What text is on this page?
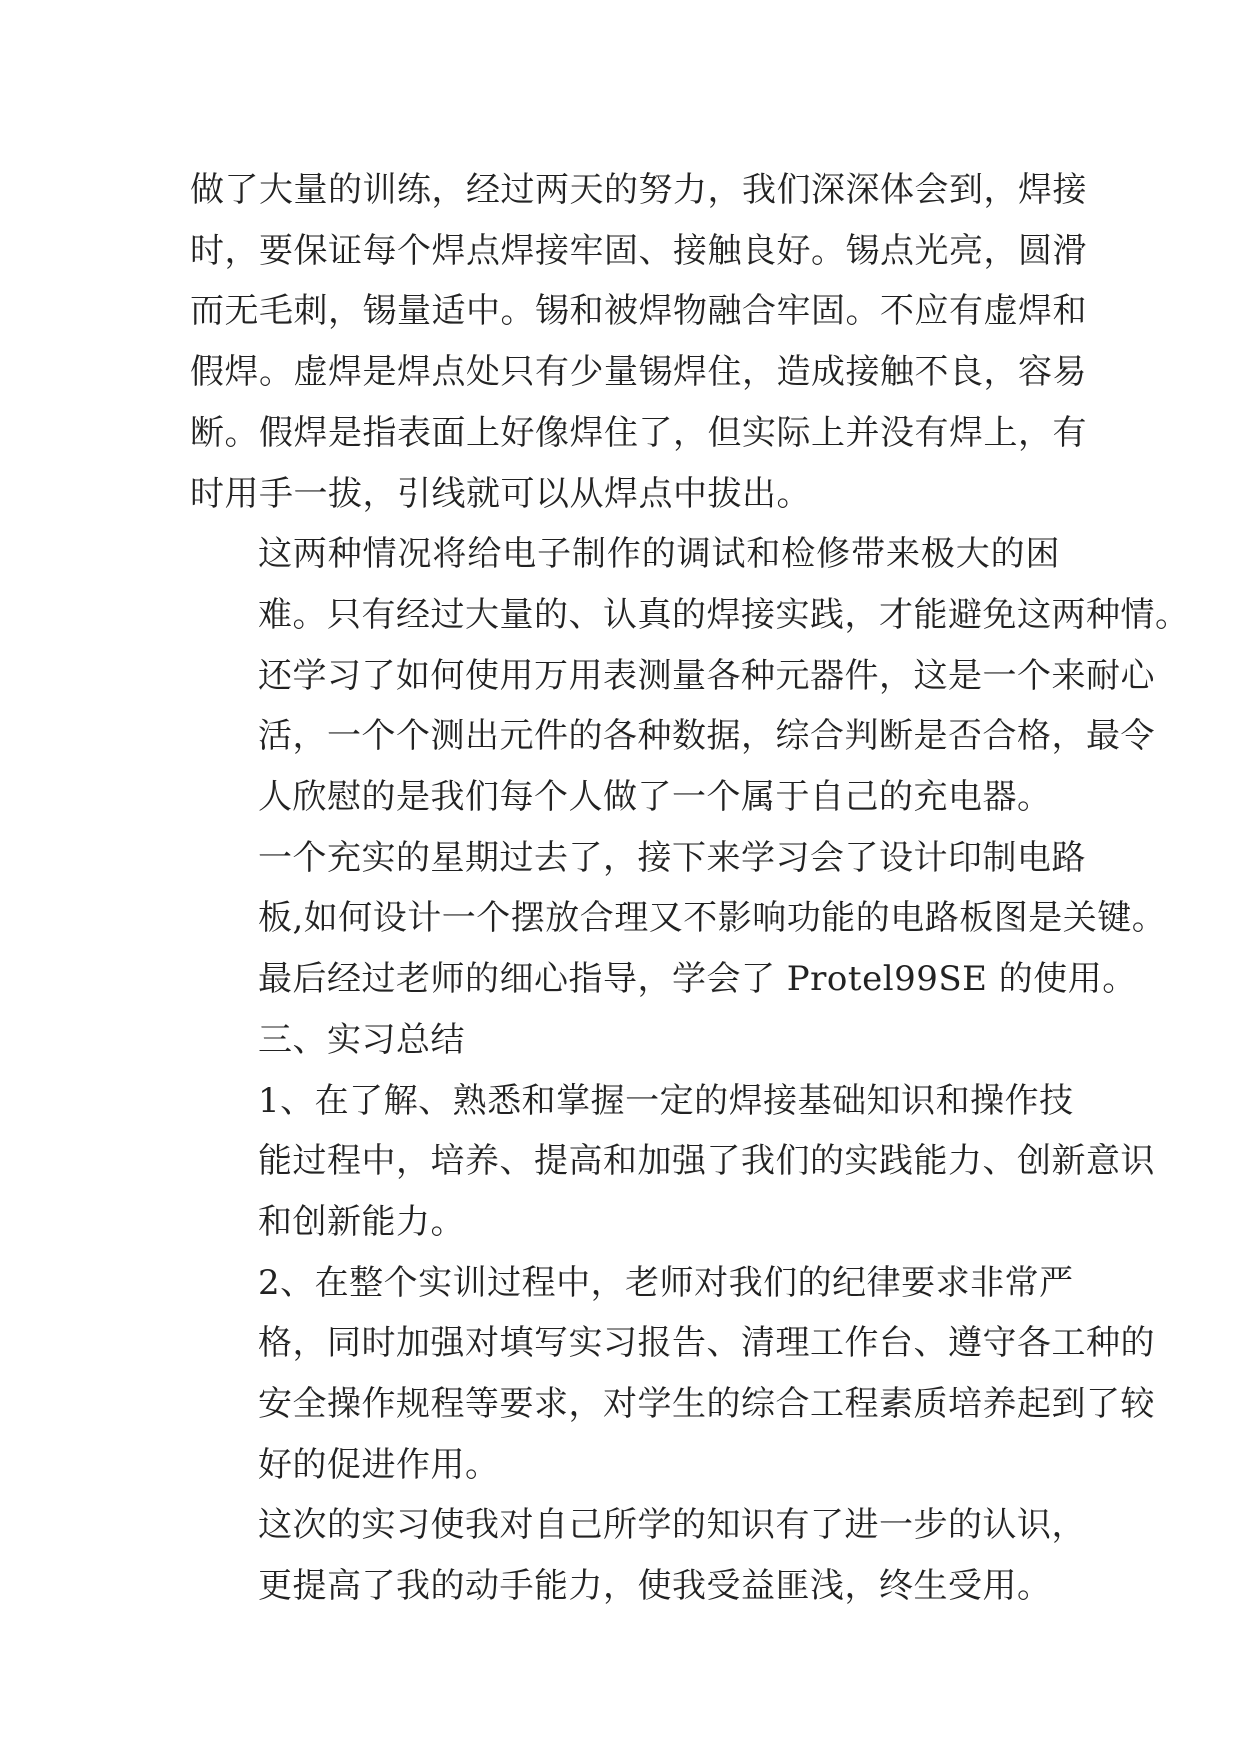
做了大量的训练，经过两天的努力，我们深深体会到，焊接
时，要保证每个焊点焊接牢固、接触良好。锡点光亮，圆滑
而无毛刺，锡量适中。锡和被焊物融合牢固。不应有虚焊和
假焊。虚焊是焊点处只有少量锡焊住，造成接触不良，容易
断。假焊是指表面上好像焊住了，但实际上并没有焊上，有
时用手一拔，引线就可以从焊点中拔出。

这两种情况将给电子制作的调试和检修带来极大的困
难。只有经过大量的、认真的焊接实践，才能避免这两种情。
还学习了如何使用万用表测量各种元器件，这是一个来耐心
活，一个个测出元件的各种数据，综合判断是否合格，最令
人欣慰的是我们每个人做了一个属于自己的充电器。

一个充实的星期过去了，接下来学习会了设计印制电路
板,如何设计一个摆放合理又不影响功能的电路板图是关键。
最后经过老师的细心指导，学会了 Protel99SE 的使用。

三、实习总结

1、在了解、熟悉和掌握一定的焊接基础知识和操作技
能过程中，培养、提高和加强了我们的实践能力、创新意识
和创新能力。

2、在整个实训过程中，老师对我们的纪律要求非常严
格，同时加强对填写实习报告、清理工作台、遵守各工种的
安全操作规程等要求，对学生的综合工程素质培养起到了较
好的促进作用。

这次的实习使我对自己所学的知识有了进一步的认识，
更提高了我的动手能力，使我受益匪浅，终生受用。
